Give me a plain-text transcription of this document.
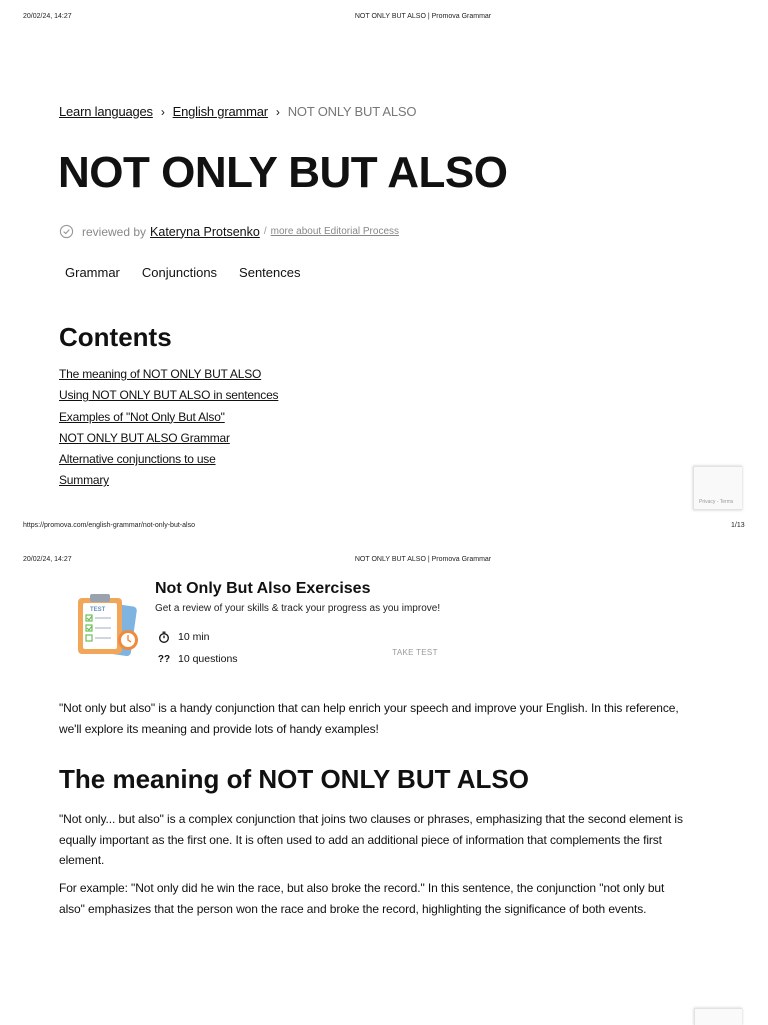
20/02/24, 14:27	NOT ONLY BUT ALSO | Promova Grammar
Learn languages › English grammar › NOT ONLY BUT ALSO
NOT ONLY BUT ALSO
reviewed by Kateryna Protsenko / more about Editorial Process
Grammar Conjunctions Sentences
Contents
The meaning of NOT ONLY BUT ALSO
Using NOT ONLY BUT ALSO in sentences
Examples of "Not Only But Also"
NOT ONLY BUT ALSO Grammar
Alternative conjunctions to use
Summary
Privacy - Terms
https://promova.com/english-grammar/not-only-but-also	1/13
20/02/24, 14:27	NOT ONLY BUT ALSO | Promova Grammar
TEST
Not Only But Also Exercises
Get a review of your skills & track your progress as you improve!
10 min
?? 10 questions
TAKE TEST

"Not only but also" is a handy conjunction that can help enrich your speech and improve your English. In this reference, we'll explore its meaning and provide lots of handy examples!

The meaning of NOT ONLY BUT ALSO

"Not only... but also" is a complex conjunction that joins two clauses or phrases, emphasizing that the second element is equally important as the first one. It is often used to add an additional piece of information that complements the first element.

For example: "Not only did he win the race, but also broke the record." In this sentence, the conjunction "not only but also" emphasizes that the person won the race and broke the record, highlighting the significance of both events.
